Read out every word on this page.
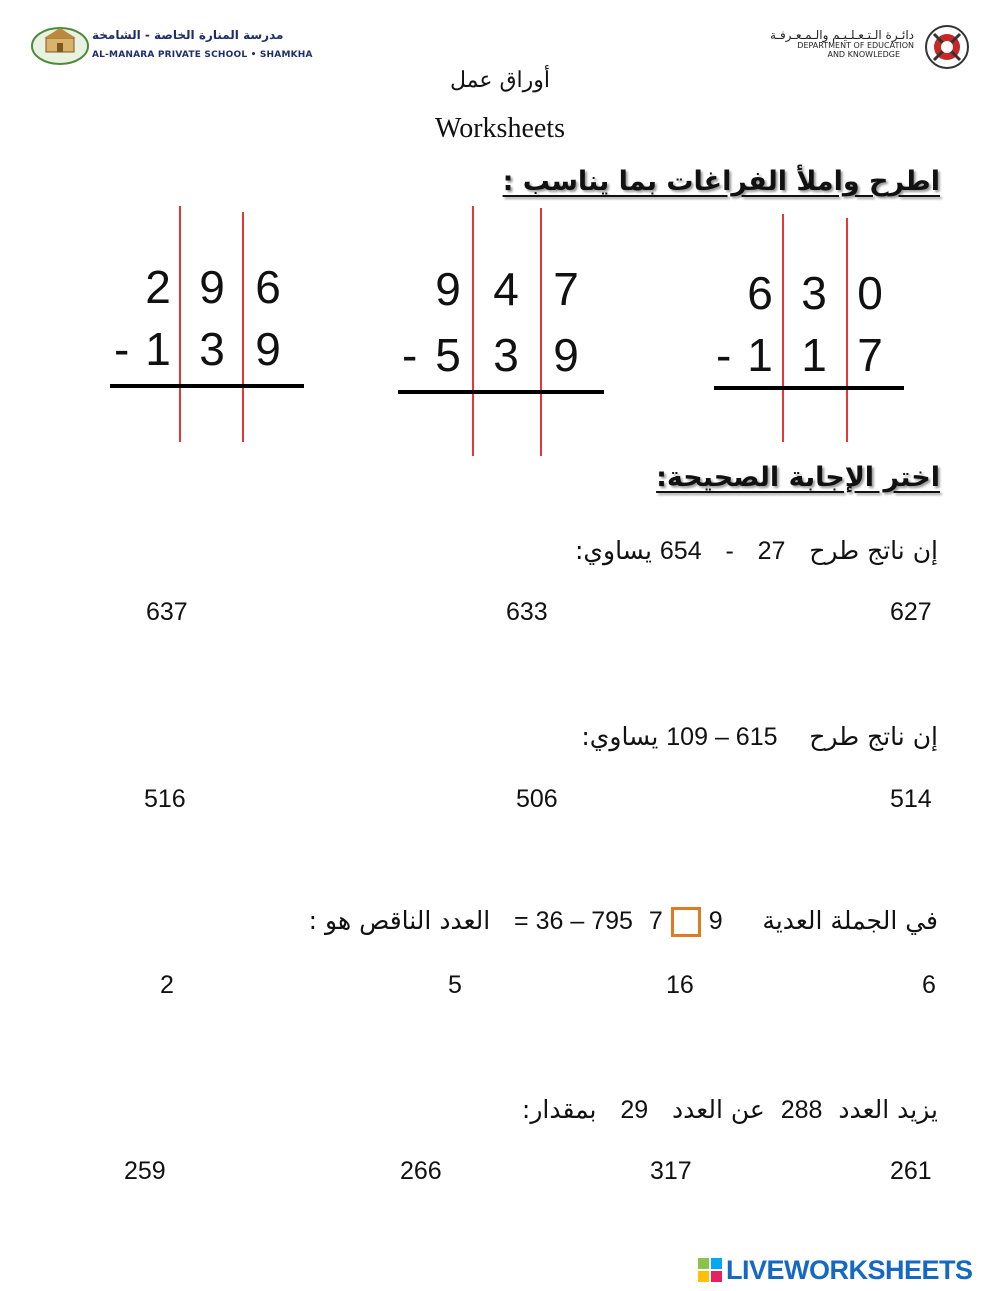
مدرسة المنارة الخاصة - الشامخة
AL-MANARA PRIVATE SCHOOL • SHAMKHA
دائـرة الـتـعـلـيـم والـمـعـرفـة
DEPARTMENT OF EDUCATION
AND KNOWLEDGE
أوراق عمل
Worksheets
اطرح واملأ الفراغات بما يناسب :
2 9 6
- 1 3 9
9 4 7
- 5 3 9
6 3 0
- 1 1 7
اختر الإجابة الصحيحة:
إن ناتج طرح   27   -   654 يساوي:
627
633
637
إن ناتج طرح    109 – 615 يساوي:
514
506
516
في الجملة العدية     97  = 36 – 795   العدد الناقص هو :
6
16
5
2
يزيد العدد  288  عن العدد   29   بمقدار:
261
317
266
259
LIVEWORKSHEETS
